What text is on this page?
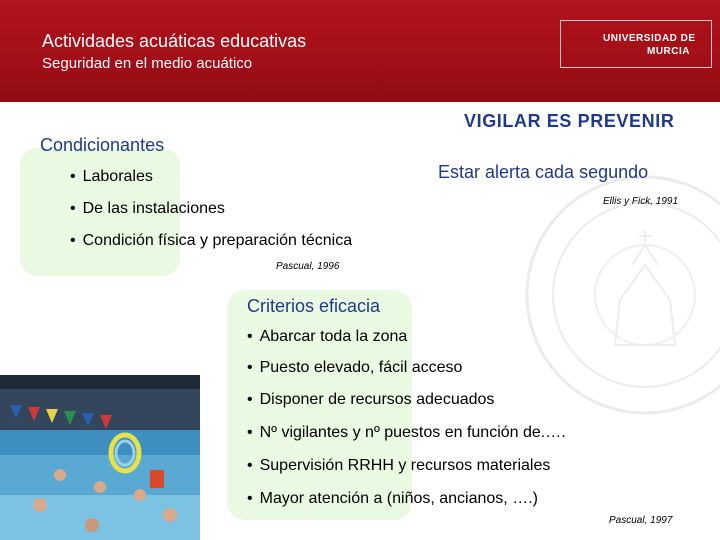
Actividades acuáticas educativas
Seguridad en el medio acuático
UNIVERSIDAD DE
MURCIA
VIGILAR ES PREVENIR
Condicionantes
Estar alerta cada segundo
Ellis y Fick, 1991
• Laborales
• De las instalaciones
• Condición física y preparación técnica
Pascual, 1996
Criterios eficacia
• Abarcar toda la zona
• Puesto elevado, fácil acceso
• Disponer de recursos adecuados
• Nº vigilantes y nº puestos en función de.….
• Supervisión RRHH y recursos materiales
• Mayor atención a (niños, ancianos, ….)
Pascual, 1997
